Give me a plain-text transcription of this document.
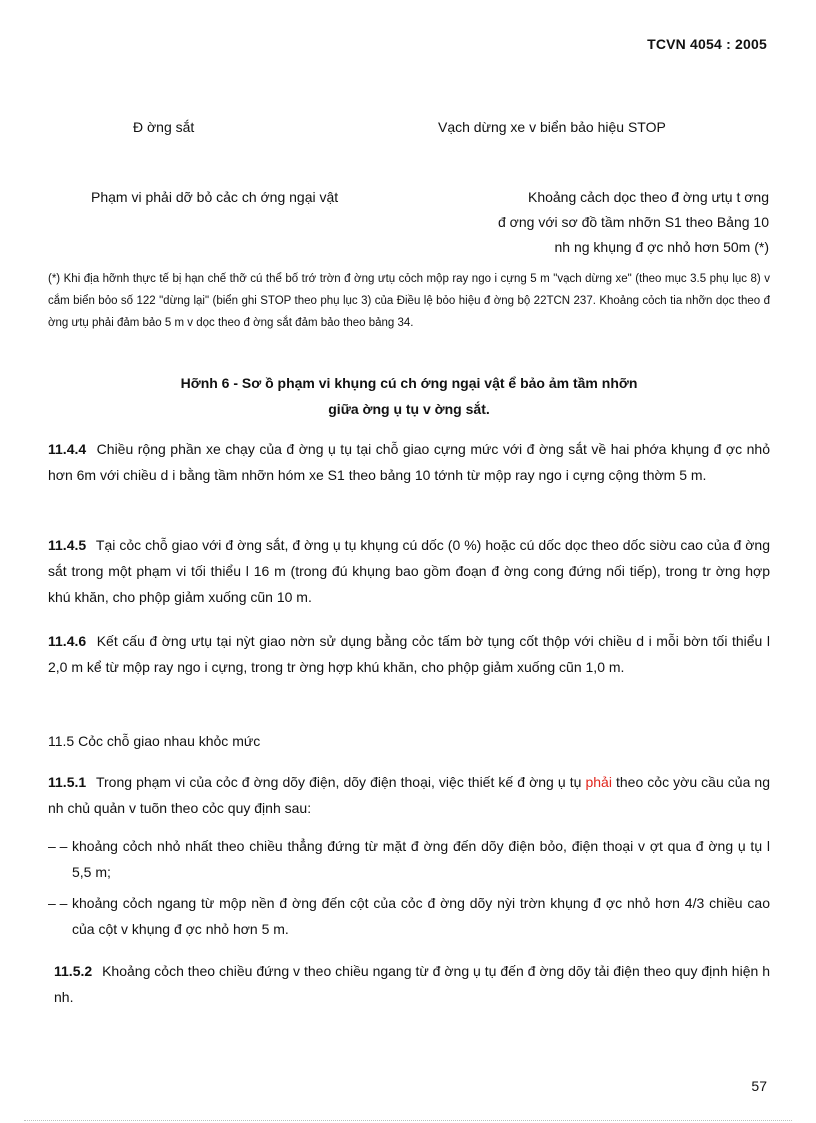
TCVN 4054 : 2005
Đ ờng sắt	Vạch dừng xe v biển bảo hiệu STOP
Phạm vi phải dỡ bỏ cảc ch ớng ngại vật	Khoảng cảch dọc theo đ ờng ưtụ t ơng
đ ơng với sơ đồ tầm nhỡn S1 theo Bảng 10
nh ng khụng đ ợc nhỏ hơn 50m (*)
(*) Khi địa hỡnh thực tế bị hạn chế thỡ cú thể bố trớ trờn đ ờng ưtụ cỏch mộp ray ngo i cựng 5 m "vạch dừng xe" (theo mục 3.5 phụ lục 8) v cắm biển bỏo số 122 "dừng lại" (biển ghi STOP theo phụ lục 3) của Điều lệ bỏo hiệu đ ờng bộ 22TCN 237. Khoảng cỏch tia nhỡn dọc theo đ ờng ưtụ phải đảm bảo 5 m v dọc theo đ ờng sắt đảm bảo theo bảng 34.
Hỡnh 6 - Sơ ồ phạm vi khụng cú ch ớng ngại vật ể bảo ảm tầm nhỡn
giữa ờng ụ tụ v ờng sắt.
11.4.4 Chiều rộng phần xe chạy của đ ờng ụ tụ tại chỗ giao cựng mức với đ ờng sắt về hai phớa khụng đ ợc nhỏ hơn 6m với chiều d i bằng tầm nhỡn hóm xe S1 theo bảng 10 tớnh từ mộp ray ngo i cựng cộng thờm 5 m.
11.4.5 Tại cỏc chỗ giao với đ ờng sắt, đ ờng ụ tụ khụng cú dốc (0 %) hoặc cú dốc dọc theo dốc siờu cao của đ ờng sắt trong một phạm vi tối thiểu l 16 m (trong đú khụng bao gồm đoạn đ ờng cong đứng nối tiếp), trong tr ờng hợp khú khăn, cho phộp giảm xuống cũn 10 m.
11.4.6 Kết cấu đ ờng ưtụ tại nỳt giao nờn sử dụng bằng cỏc tấm bờ tụng cốt thộp với chiều d i mỗi bờn tối thiểu l 2,0 m kể từ mộp ray ngo i cựng, trong tr ờng hợp khú khăn, cho phộp giảm xuống cũn 1,0 m.
11.5 Cỏc chỗ giao nhau khỏc mức
11.5.1 Trong phạm vi của cỏc đ ờng dõy điện, dõy điện thoại, việc thiết kế đ ờng ụ tụ phải theo cỏc yờu cầu của ng nh chủ quản v tuõn theo cỏc quy định sau:
– – khoảng cỏch nhỏ nhất theo chiều thẳng đứng từ mặt đ ờng đến dõy điện bỏo, điện thoại v ợt qua đ ờng ụ tụ l 5,5 m;
– – khoảng cỏch ngang từ mộp nền đ ờng đến cột của cỏc đ ờng dõy nỳi trờn khụng đ ợc nhỏ hơn 4/3 chiều cao của cột v khụng đ ợc nhỏ hơn 5 m.
11.5.2 Khoảng cỏch theo chiều đứng v theo chiều ngang từ đ ờng ụ tụ đến đ ờng dõy tải điện theo quy định hiện h nh.
57
